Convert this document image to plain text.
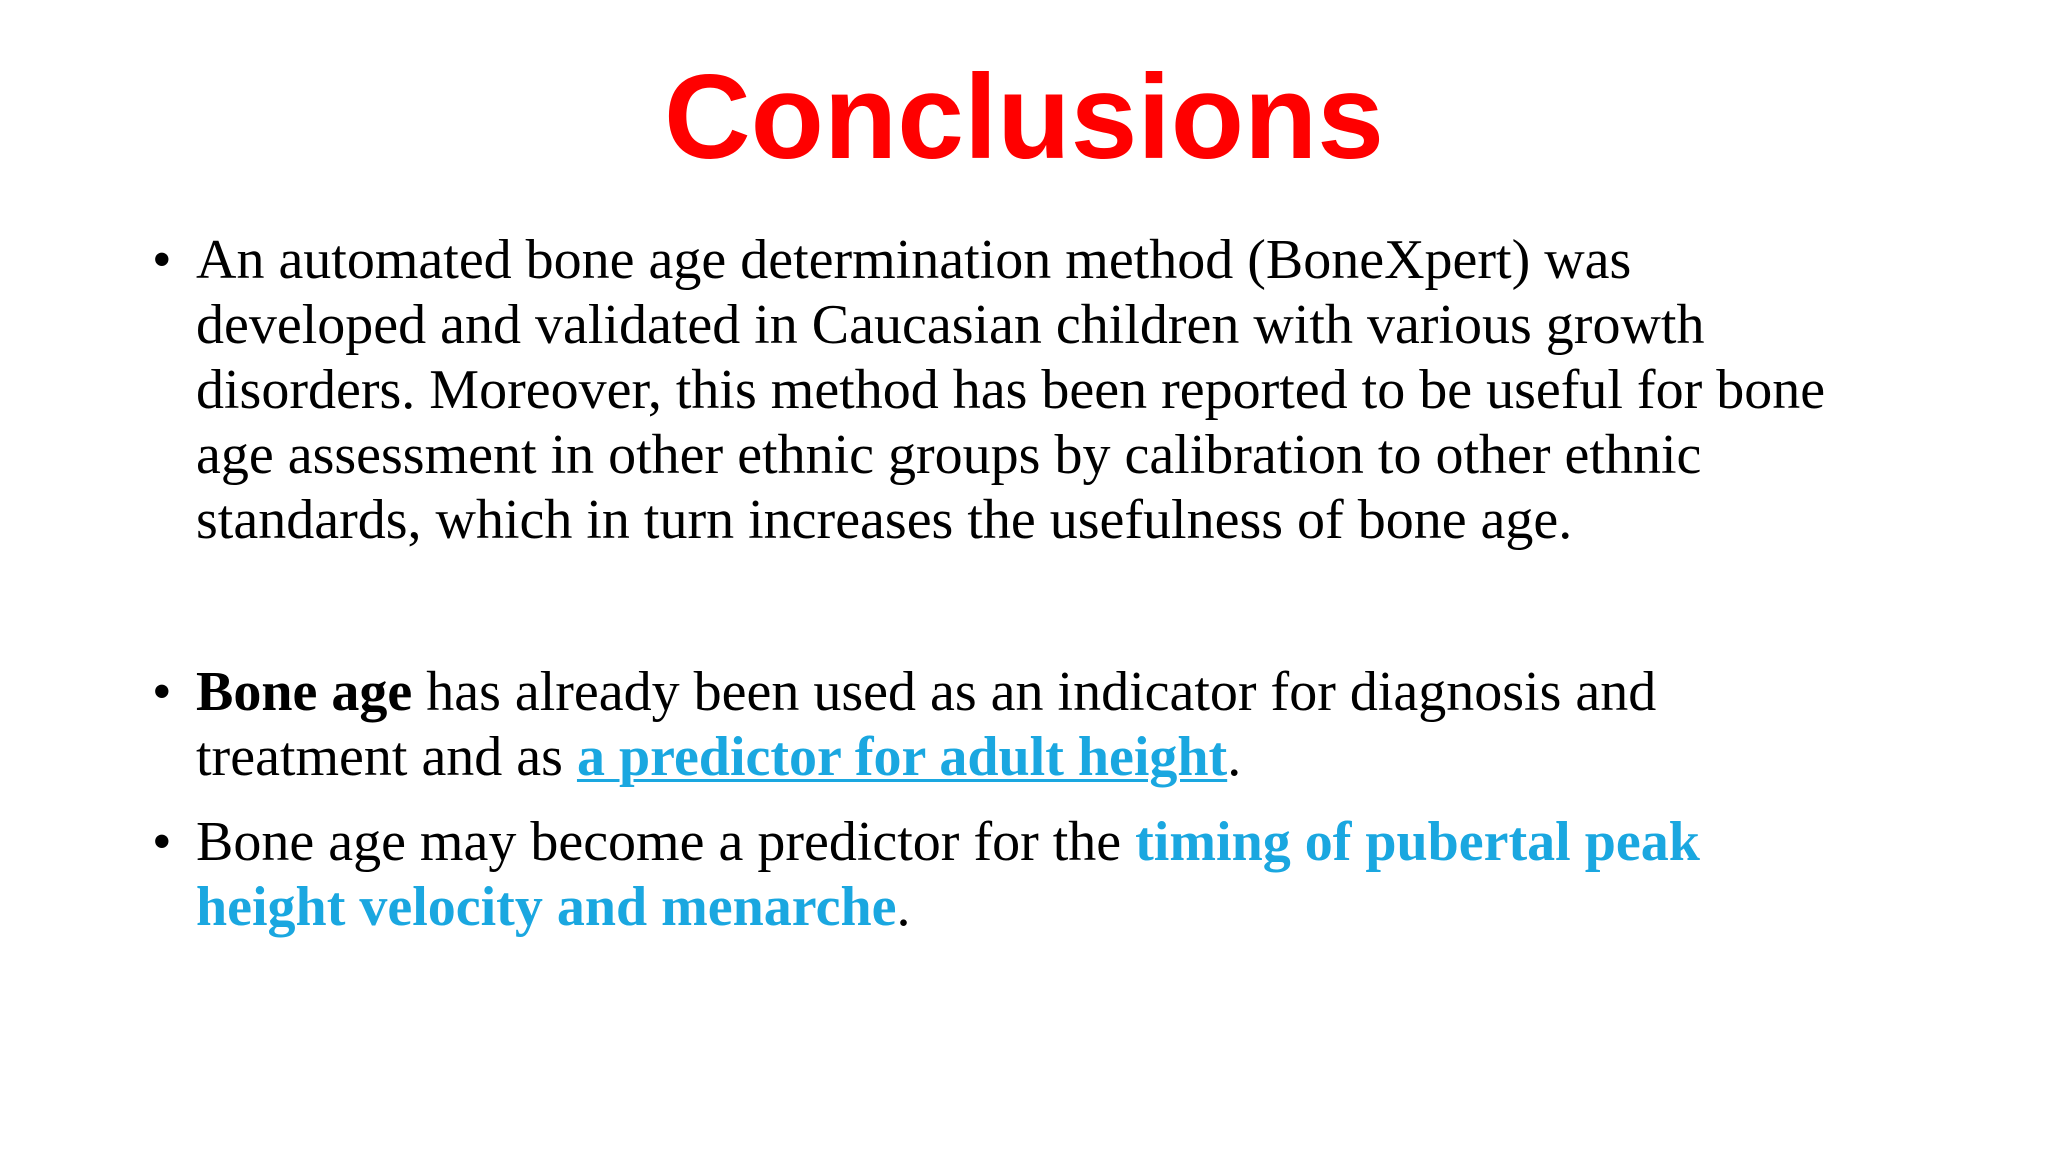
Conclusions
• An automated bone age determination method (BoneXpert) was developed and validated in Caucasian children with various growth disorders. Moreover, this method has been reported to be useful for bone age assessment in other ethnic groups by calibration to other ethnic standards, which in turn increases the usefulness of bone age.
• Bone age has already been used as an indicator for diagnosis and treatment and as a predictor for adult height.
• Bone age may become a predictor for the timing of pubertal peak height velocity and menarche.
